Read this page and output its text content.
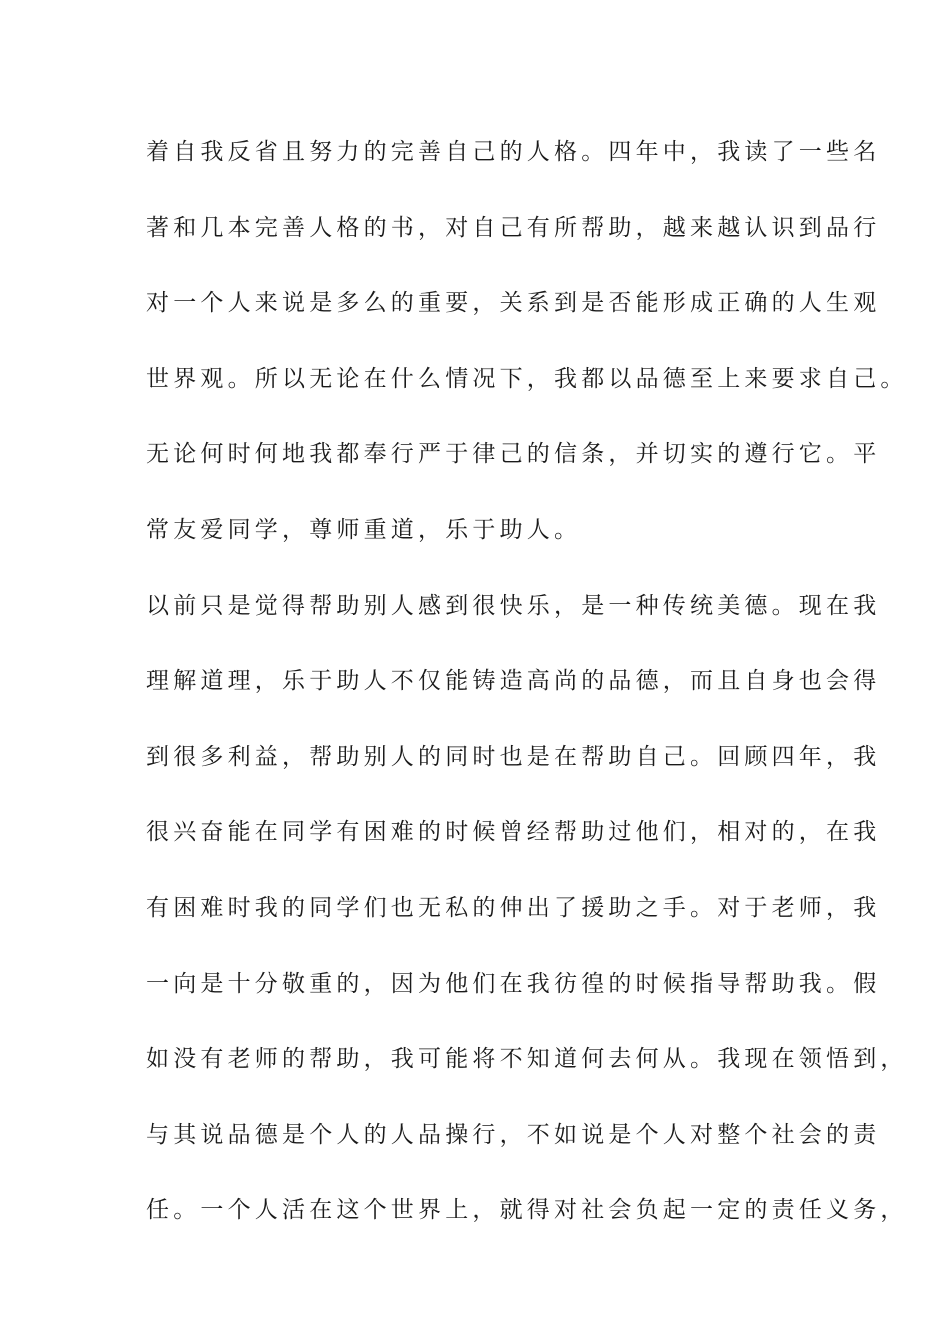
着自我反省且努力的完善自己的人格。四年中，我读了一些名
著和几本完善人格的书，对自己有所帮助，越来越认识到品行
对一个人来说是多么的重要，关系到是否能形成正确的人生观
世界观。所以无论在什么情况下，我都以品德至上来要求自己。
无论何时何地我都奉行严于律己的信条，并切实的遵行它。平
常友爱同学，尊师重道，乐于助人。
以前只是觉得帮助别人感到很快乐，是一种传统美德。现在我
理解道理，乐于助人不仅能铸造高尚的品德，而且自身也会得
到很多利益，帮助别人的同时也是在帮助自己。回顾四年，我
很兴奋能在同学有困难的时候曾经帮助过他们，相对的，在我
有困难时我的同学们也无私的伸出了援助之手。对于老师，我
一向是十分敬重的，因为他们在我彷徨的时候指导帮助我。假
如没有老师的帮助，我可能将不知道何去何从。我现在领悟到，
与其说品德是个人的人品操行，不如说是个人对整个社会的责
任。一个人活在这个世界上，就得对社会负起一定的责任义务，
